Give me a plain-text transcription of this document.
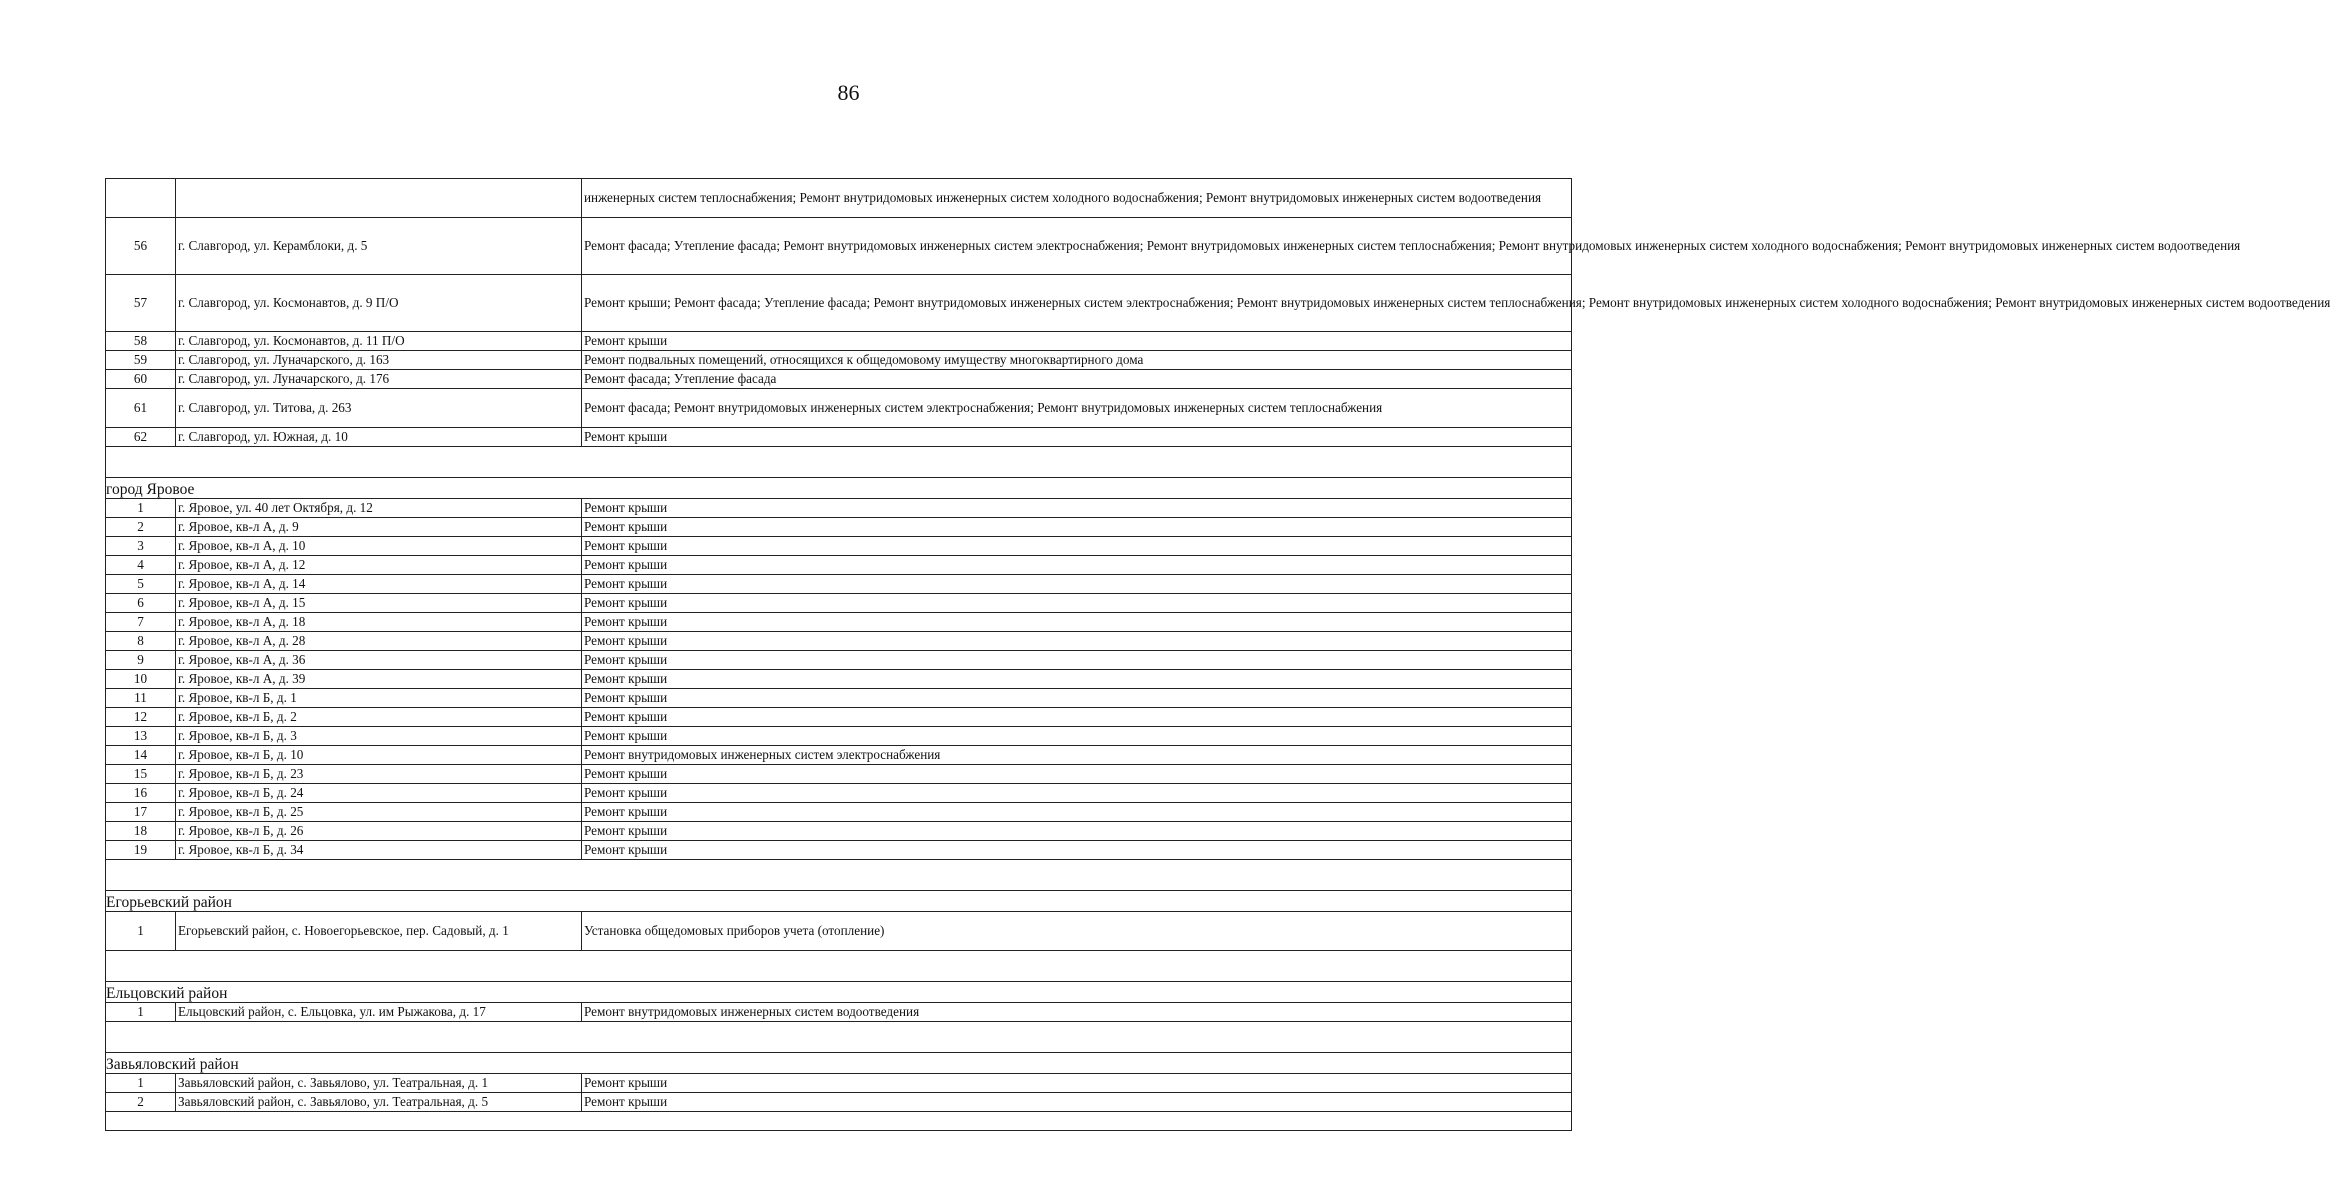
86
		инженерных систем теплоснабжения; Ремонт внутридомовых инженерных систем холодного водоснабжения; Ремонт внутридомовых инженерных систем водоотведения
56	г. Славгород, ул. Керамблоки, д. 5	Ремонт фасада; Утепление фасада; Ремонт внутридомовых инженерных систем электроснабжения; Ремонт внутридомовых инженерных систем теплоснабжения; Ремонт внутридомовых инженерных систем холодного водоснабжения; Ремонт внутридомовых инженерных систем водоотведения
57	г. Славгород, ул. Космонавтов, д. 9 П/О	Ремонт крыши; Ремонт фасада; Утепление фасада; Ремонт внутридомовых инженерных систем электроснабжения; Ремонт внутридомовых инженерных систем теплоснабжения; Ремонт внутридомовых инженерных систем холодного водоснабжения; Ремонт внутридомовых инженерных систем водоотведения
58	г. Славгород, ул. Космонавтов, д. 11 П/О	Ремонт крыши
59	г. Славгород, ул. Луначарского, д. 163	Ремонт подвальных помещений, относящихся к общедомовому имуществу многоквартирного дома
60	г. Славгород, ул. Луначарского, д. 176	Ремонт фасада; Утепление фасада
61	г. Славгород, ул. Титова, д. 263	Ремонт фасада; Ремонт внутридомовых инженерных систем электроснабжения; Ремонт внутридомовых инженерных систем теплоснабжения
62	г. Славгород, ул. Южная, д. 10	Ремонт крыши

город Яровое		
1	г. Яровое, ул. 40 лет Октября, д. 12	Ремонт крыши
2	г. Яровое, кв-л А, д. 9	Ремонт крыши
3	г. Яровое, кв-л А, д. 10	Ремонт крыши
4	г. Яровое, кв-л А, д. 12	Ремонт крыши
5	г. Яровое, кв-л А, д. 14	Ремонт крыши
6	г. Яровое, кв-л А, д. 15	Ремонт крыши
7	г. Яровое, кв-л А, д. 18	Ремонт крыши
8	г. Яровое, кв-л А, д. 28	Ремонт крыши
9	г. Яровое, кв-л А, д. 36	Ремонт крыши
10	г. Яровое, кв-л А, д. 39	Ремонт крыши
11	г. Яровое, кв-л Б, д. 1	Ремонт крыши
12	г. Яровое, кв-л Б, д. 2	Ремонт крыши
13	г. Яровое, кв-л Б, д. 3	Ремонт крыши
14	г. Яровое, кв-л Б, д. 10	Ремонт внутридомовых инженерных систем электроснабжения
15	г. Яровое, кв-л Б, д. 23	Ремонт крыши
16	г. Яровое, кв-л Б, д. 24	Ремонт крыши
17	г. Яровое, кв-л Б, д. 25	Ремонт крыши
18	г. Яровое, кв-л Б, д. 26	Ремонт крыши
19	г. Яровое, кв-л Б, д. 34	Ремонт крыши

Егорьевский район		
1	Егорьевский район, с. Новоегорьевское, пер. Садовый, д. 1	Установка общедомовых приборов учета (отопление)

Ельцовский район		
1	Ельцовский район, с. Ельцовка, ул. им Рыжакова, д. 17	Ремонт внутридомовых инженерных систем водоотведения

Завьяловский район		
1	Завьяловский район, с. Завьялово, ул. Театральная, д. 1	Ремонт крыши
2	Завьяловский район, с. Завьялово, ул. Театральная, д. 5	Ремонт крыши
